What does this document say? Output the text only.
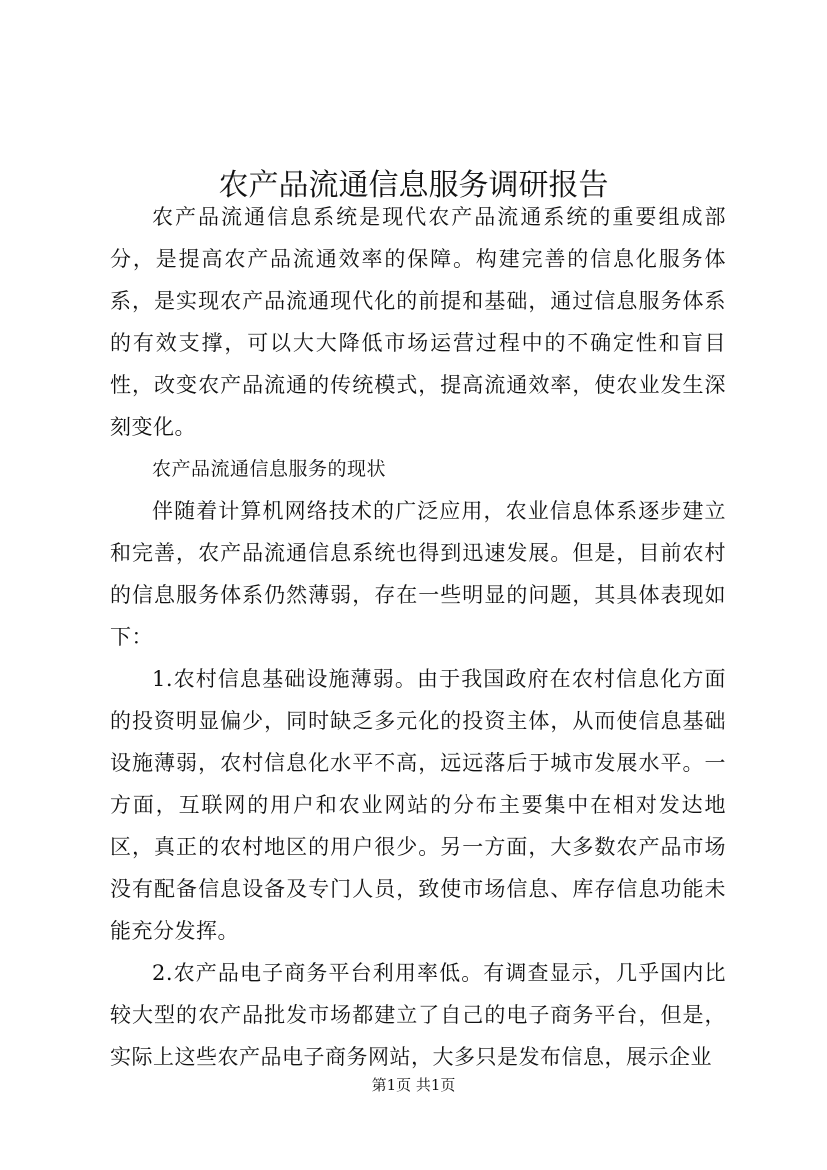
农产品流通信息服务调研报告

农产品流通信息系统是现代农产品流通系统的重要组成部分，是提高农产品流通效率的保障。构建完善的信息化服务体系，是实现农产品流通现代化的前提和基础，通过信息服务体系的有效支撑，可以大大降低市场运营过程中的不确定性和盲目性，改变农产品流通的传统模式，提高流通效率，使农业发生深刻变化。

农产品流通信息服务的现状

伴随着计算机网络技术的广泛应用，农业信息体系逐步建立和完善，农产品流通信息系统也得到迅速发展。但是，目前农村的信息服务体系仍然薄弱，存在一些明显的问题，其具体表现如下：

1.农村信息基础设施薄弱。由于我国政府在农村信息化方面的投资明显偏少，同时缺乏多元化的投资主体，从而使信息基础设施薄弱，农村信息化水平不高，远远落后于城市发展水平。一方面，互联网的用户和农业网站的分布主要集中在相对发达地区，真正的农村地区的用户很少。另一方面，大多数农产品市场没有配备信息设备及专门人员，致使市场信息、库存信息功能未能充分发挥。

2.农产品电子商务平台利用率低。有调查显示，几乎国内比较大型的农产品批发市场都建立了自己的电子商务平台，但是，实际上这些农产品电子商务网站，大多只是发布信息，展示企业

第1页 共1页
